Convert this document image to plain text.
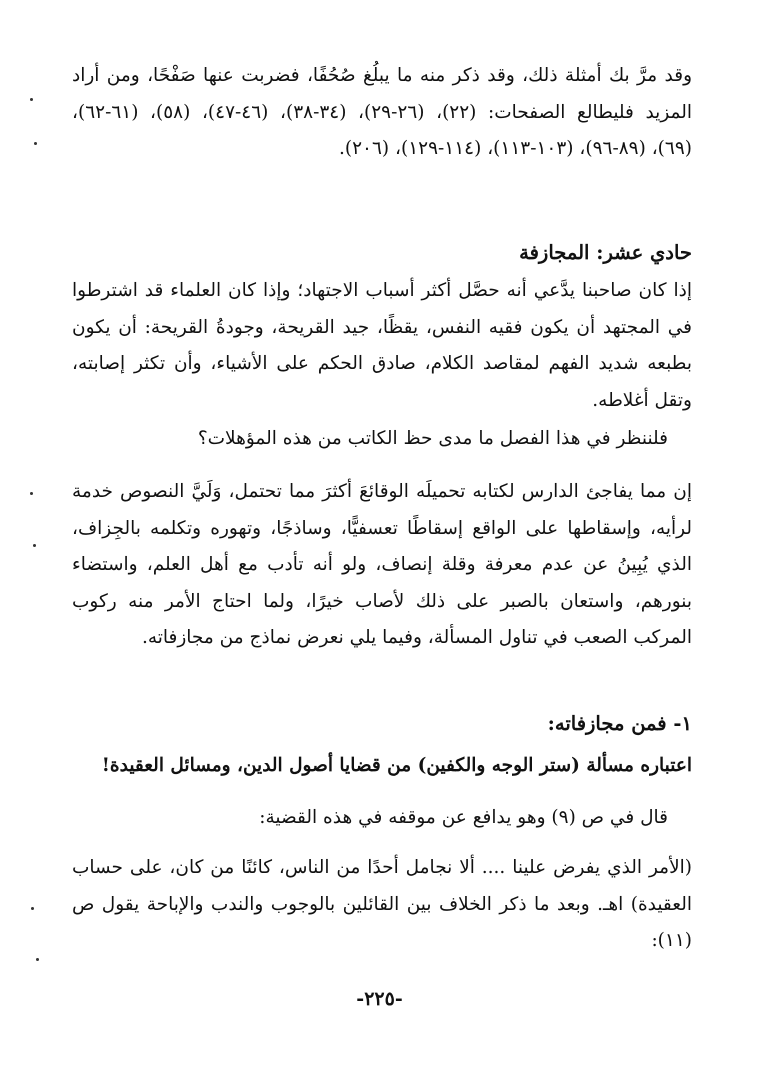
وقد مرَّ بك أمثلة ذلك، وقد ذكر منه ما يبلُغ صُحُفًا، فضربت عنها صَفْحًا، ومن أراد المزيد فليطالع الصفحات: (٢٢)، (٢٦-٢٩)، (٣٤-٣٨)، (٤٦-٤٧)، (٥٨)، (٦١-٦٢)، (٦٩)، (٨٩-٩٦)، (١٠٣-١١٣)، (١١٤-١٢٩)، (٢٠٦).
حادي عشر: المجازفة
إذا كان صاحبنا يدَّعي أنه حصَّل أكثر أسباب الاجتهاد؛ وإذا كان العلماء قد اشترطوا في المجتهد أن يكون فقيه النفس، يقظًا، جيد القريحة، وجودةُ القريحة: أن يكون بطبعه شديد الفهم لمقاصد الكلام، صادق الحكم على الأشياء، وأن تكثر إصابته، وتقل أغلاطه.
فلننظر في هذا الفصل ما مدى حظ الكاتب من هذه المؤهلات؟
إن مما يفاجئ الدارس لكتابه تحميلَه الوقائعَ أكثرَ مما تحتمل، وَلَيَّ النصوص خدمة لرأيه، وإسقاطها على الواقع إسقاطًا تعسفيًّا، وساذجًا، وتهوره وتكلمه بالجِزاف، الذي يُبِينُ عن عدم معرفة وقلة إنصاف، ولو أنه تأدب مع أهل العلم، واستضاء بنورهم، واستعان بالصبر على ذلك لأصاب خيرًا، ولما احتاج الأمر منه ركوب المركب الصعب في تناول المسألة، وفيما يلي نعرض نماذج من مجازفاته.
١- فمن مجازفاته:
اعتباره مسألة (ستر الوجه والكفين) من قضايا أصول الدين، ومسائل العقيدة!
قال في ص (٩) وهو يدافع عن موقفه في هذه القضية:
(الأمر الذي يفرض علينا .... ألا نجامل أحدًا من الناس، كائنًا من كان، على حساب العقيدة) اهـ. وبعد ما ذكر الخلاف بين القائلين بالوجوب والندب والإباحة يقول ص (١١):
-٢٢٥-
